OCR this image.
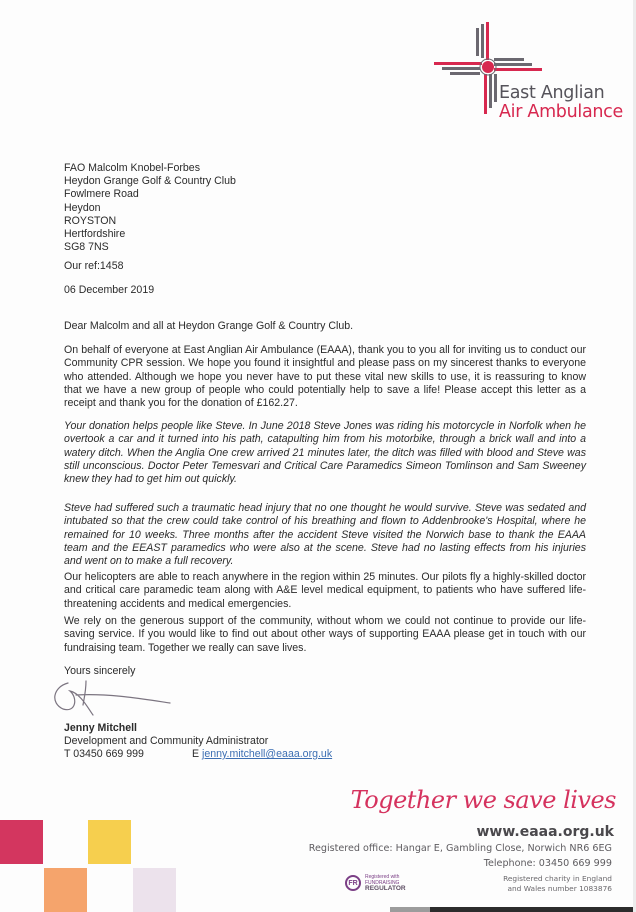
East Anglian
Air Ambulance
FAO Malcolm Knobel-Forbes
Heydon Grange Golf & Country Club
Fowlmere Road
Heydon
ROYSTON
Hertfordshire
SG8 7NS
Our ref:1458
06 December 2019
Dear Malcolm and all at Heydon Grange Golf & Country Club.
On behalf of everyone at East Anglian Air Ambulance (EAAA), thank you to you all for inviting us to conduct our Community CPR session. We hope you found it insightful and please pass on my sincerest thanks to everyone who attended. Although we hope you never have to put these vital new skills to use, it is reassuring to know that we have a new group of people who could potentially help to save a life! Please accept this letter as a receipt and thank you for the donation of £162.27.
Your donation helps people like Steve. In June 2018 Steve Jones was riding his motorcycle in Norfolk when he overtook a car and it turned into his path, catapulting him from his motorbike, through a brick wall and into a watery ditch. When the Anglia One crew arrived 21 minutes later, the ditch was filled with blood and Steve was still unconscious. Doctor Peter Temesvari and Critical Care Paramedics Simeon Tomlinson and Sam Sweeney knew they had to get him out quickly.
Steve had suffered such a traumatic head injury that no one thought he would survive. Steve was sedated and intubated so that the crew could take control of his breathing and flown to Addenbrooke's Hospital, where he remained for 10 weeks. Three months after the accident Steve visited the Norwich base to thank the EAAA team and the EEAST paramedics who were also at the scene. Steve had no lasting effects from his injuries and went on to make a full recovery.
Our helicopters are able to reach anywhere in the region within 25 minutes. Our pilots fly a highly-skilled doctor and critical care paramedic team along with A&E level medical equipment, to patients who have suffered life-threatening accidents and medical emergencies.
We rely on the generous support of the community, without whom we could not continue to provide our life-saving service. If you would like to find out about other ways of supporting EAAA please get in touch with our fundraising team. Together we really can save lives.
Yours sincerely
Jenny Mitchell
Development and Community Administrator
T 03450 669 999	E jenny.mitchell@eaaa.org.uk
Together we save lives
www.eaaa.org.uk
Registered office: Hangar E, Gambling Close, Norwich NR6 6EG
Telephone: 03450 669 999
FR
Registered with
FUNDRAISING
REGULATOR
Registered charity in England
and Wales number 1083876
